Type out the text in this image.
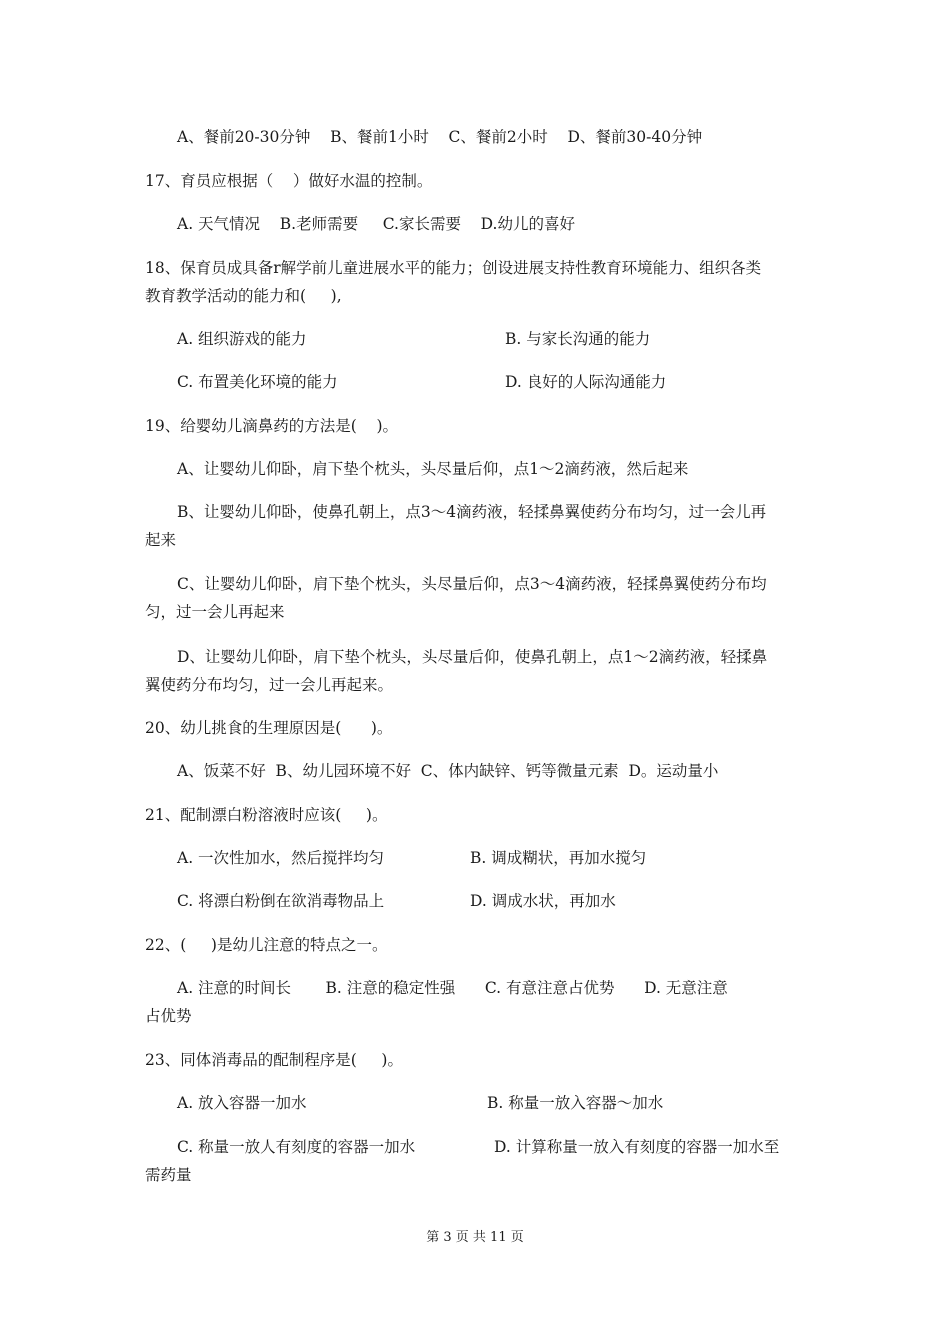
A、餐前20-30分钟    B、餐前1小时    C、餐前2小时    D、餐前30-40分钟
17、育员应根据（    ）做好水温的控制。
A. 天气情况    B.老师需要     C.家长需要    D.幼儿的喜好
18、保育员成具备r解学前儿童进展水平的能力；创设进展支持性教育环境能力、组织各类
教育教学活动的能力和(     ),
A. 组织游戏的能力	B. 与家长沟通的能力
C. 布置美化环境的能力	D. 良好的人际沟通能力
19、给婴幼儿滴鼻药的方法是(    )。
A、让婴幼儿仰卧，肩下垫个枕头，头尽量后仰，点1～2滴药液，然后起来
B、让婴幼儿仰卧，使鼻孔朝上，点3～4滴药液，轻揉鼻翼使药分布均匀，过一会儿再
起来
C、让婴幼儿仰卧，肩下垫个枕头，头尽量后仰，点3～4滴药液，轻揉鼻翼使药分布均
匀，过一会儿再起来
D、让婴幼儿仰卧，肩下垫个枕头，头尽量后仰，使鼻孔朝上，点1～2滴药液，轻揉鼻
翼使药分布均匀，过一会儿再起来。
20、幼儿挑食的生理原因是(      )。
A、饭菜不好  B、幼儿园环境不好  C、体内缺锌、钙等微量元素  D。运动量小
21、配制漂白粉溶液时应该(     )。
A. 一次性加水，然后搅拌均匀	B. 调成糊状，再加水搅匀
C. 将漂白粉倒在欲消毒物品上	D. 调成水状，再加水
22、(     )是幼儿注意的特点之一。
A. 注意的时间长       B. 注意的稳定性强      C. 有意注意占优势      D. 无意注意
占优势
23、同体消毒品的配制程序是(     )。
A. 放入容器一加水	B. 称量一放入容器～加水
C. 称量一放人有刻度的容器一加水	D. 计算称量一放入有刻度的容器一加水至
需药量
第 3 页 共 11 页
